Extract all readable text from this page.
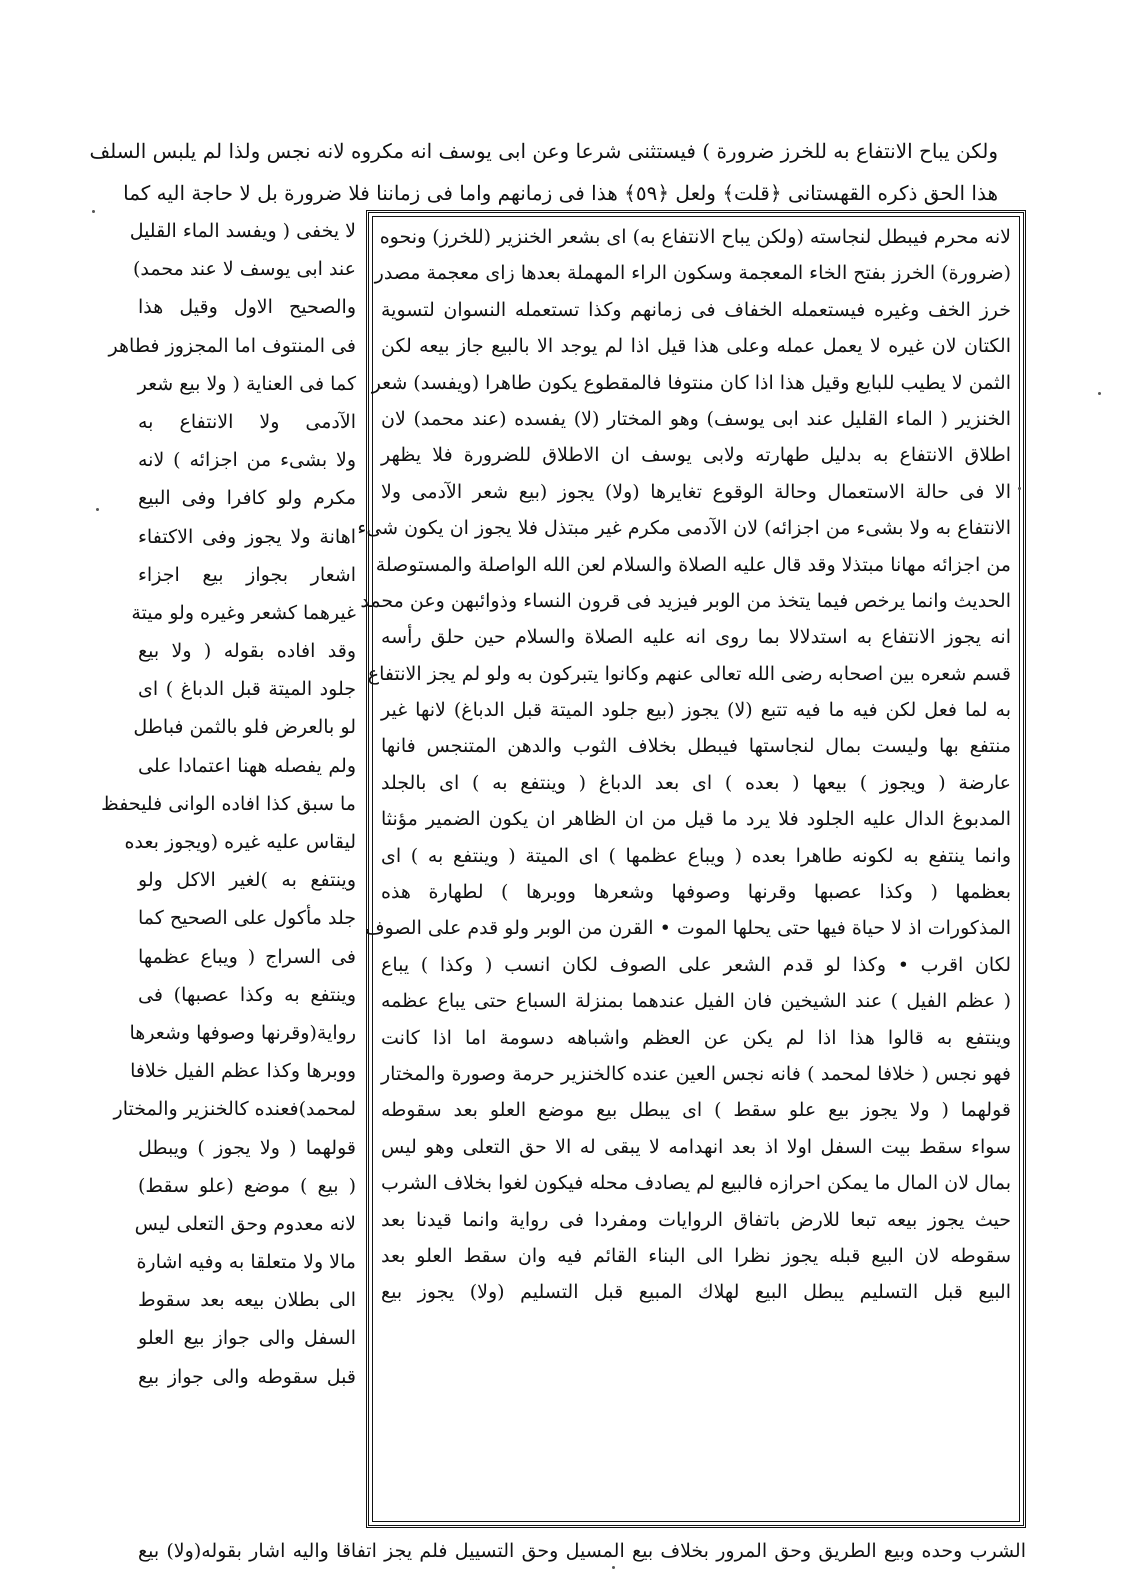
ولكن يباح الانتفاع به للخرز ضرورة ) فيستثنى شرعا وعن ابى يوسف انه مكروه لانه نجس ولذا لم يلبس السلف
هذا الحق ذكره القهستانى ﴿قلت﴾ ولعل ﴿٥٩﴾ هذا فى زمانهم واما فى زماننا فلا ضرورة بل لا حاجة اليه كما
لانه محرم فيبطل لنجاسته (ولكن يباح الانتفاع به) اى بشعر الخنزير (للخرز) ونحوه
(ضرورة) الخرز بفتح الخاء المعجمة وسكون الراء المهملة بعدها زاى معجمة مصدر
خرز الخف وغيره فيستعمله الخفاف فى زمانهم وكذا تستعمله النسوان لتسوية
الكتان لان غيره لا يعمل عمله وعلى هذا قيل اذا لم يوجد الا بالبيع جاز بيعه لكن
الثمن لا يطيب للبايع وقيل هذا اذا كان منتوفا فالمقطوع يكون طاهرا (ويفسد) شعر
الخنزير ( الماء القليل عند ابى يوسف) وهو المختار (لا) يفسده (عند محمد) لان
اطلاق الانتفاع به بدليل طهارته ولابى يوسف ان الاطلاق للضرورة فلا يظهر
الا فى حالة الاستعمال وحالة الوقوع تغايرها (ولا) يجوز (بيع شعر الآدمى ولا
الانتفاع به ولا بشىء من اجزائه) لان الآدمى مكرم غير مبتذل فلا يجوز ان يكون شىء
من اجزائه مهانا مبتذلا وقد قال عليه الصلاة والسلام لعن الله الواصلة والمستوصلة
الحديث وانما يرخص فيما يتخذ من الوبر فيزيد فى قرون النساء وذوائبهن وعن محمد
انه يجوز الانتفاع به استدلالا بما روى انه عليه الصلاة والسلام حين حلق رأسه
قسم شعره بين اصحابه رضى الله تعالى عنهم وكانوا يتبركون به ولو لم يجز الانتفاع
به لما فعل لكن فيه ما فيه تتبع (لا) يجوز (بيع جلود الميتة قبل الدباغ) لانها غير
منتفع بها وليست بمال لنجاستها فيبطل بخلاف الثوب والدهن المتنجس فانها
عارضة ( ويجوز ) بيعها ( بعده ) اى بعد الدباغ ( وينتفع به ) اى بالجلد
المدبوغ الدال عليه الجلود فلا يرد ما قيل من ان الظاهر ان يكون الضمير مؤنثا
وانما ينتفع به لكونه طاهرا بعده ( ويباع عظمها ) اى الميتة ( وينتفع به ) اى
بعظمها ( وكذا عصبها وقرنها وصوفها وشعرها ووبرها ) لطهارة هذه
المذكورات اذ لا حياة فيها حتى يحلها الموت • القرن من الوبر ولو قدم على الصوف
لكان اقرب • وكذا لو قدم الشعر على الصوف لكان انسب ( وكذا ) يباع
( عظم الفيل ) عند الشيخين فان الفيل عندهما بمنزلة السباع حتى يباع عظمه
وينتفع به قالوا هذا اذا لم يكن عن العظم واشباهه دسومة اما اذا كانت
فهو نجس ( خلافا لمحمد ) فانه نجس العين عنده كالخنزير حرمة وصورة والمختار
قولهما ( ولا يجوز بيع علو سقط ) اى يبطل بيع موضع العلو بعد سقوطه
سواء سقط بيت السفل اولا اذ بعد انهدامه لا يبقى له الا حق التعلى وهو ليس
بمال لان المال ما يمكن احرازه فالبيع لم يصادف محله فيكون لغوا بخلاف الشرب
حيث يجوز بيعه تبعا للارض باتفاق الروايات ومفردا فى رواية وانما قيدنا بعد
سقوطه لان البيع قبله يجوز نظرا الى البناء القائم فيه وان سقط العلو بعد
البيع قبل التسليم يبطل البيع لهلاك المبيع قبل التسليم (ولا) يجوز بيع
لا يخفى ( ويفسد الماء القليل
عند ابى يوسف لا عند محمد)
والصحيح الاول وقيل هذا
فى المنتوف اما المجزوز فطاهر
كما فى العناية ( ولا بيع شعر
الآدمى ولا الانتفاع به
ولا بشىء من اجزائه ) لانه
مكرم ولو كافرا وفى البيع
اهانة ولا يجوز وفى الاكتفاء
اشعار بجواز بيع اجزاء
غيرهما كشعر وغيره ولو ميتة
وقد افاده بقوله ( ولا بيع
جلود الميتة قبل الدباغ ) اى
لو بالعرض فلو بالثمن فباطل
ولم يفصله ههنا اعتمادا على
ما سبق كذا افاده الوانى فليحفظ
ليقاس عليه غيره (ويجوز بعده
وينتفع به )لغير الاكل ولو
جلد مأكول على الصحيح كما
فى السراج ( ويباع عظمها
وينتفع به وكذا عصبها) فى
رواية(وقرنها وصوفها وشعرها
ووبرها وكذا عظم الفيل خلافا
لمحمد)فعنده كالخنزير والمختار
قولهما ( ولا يجوز ) ويبطل
( بيع ) موضع (علو سقط)
لانه معدوم وحق التعلى ليس
مالا ولا متعلقا به وفيه اشارة
الى بطلان بيعه بعد سقوط
السفل والى جواز بيع العلو
قبل سقوطه والى جواز بيع
الشرب وحده وبيع الطريق وحق المرور بخلاف بيع المسيل وحق التسييل فلم يجز اتفاقا واليه اشار بقوله(ولا) بيع
